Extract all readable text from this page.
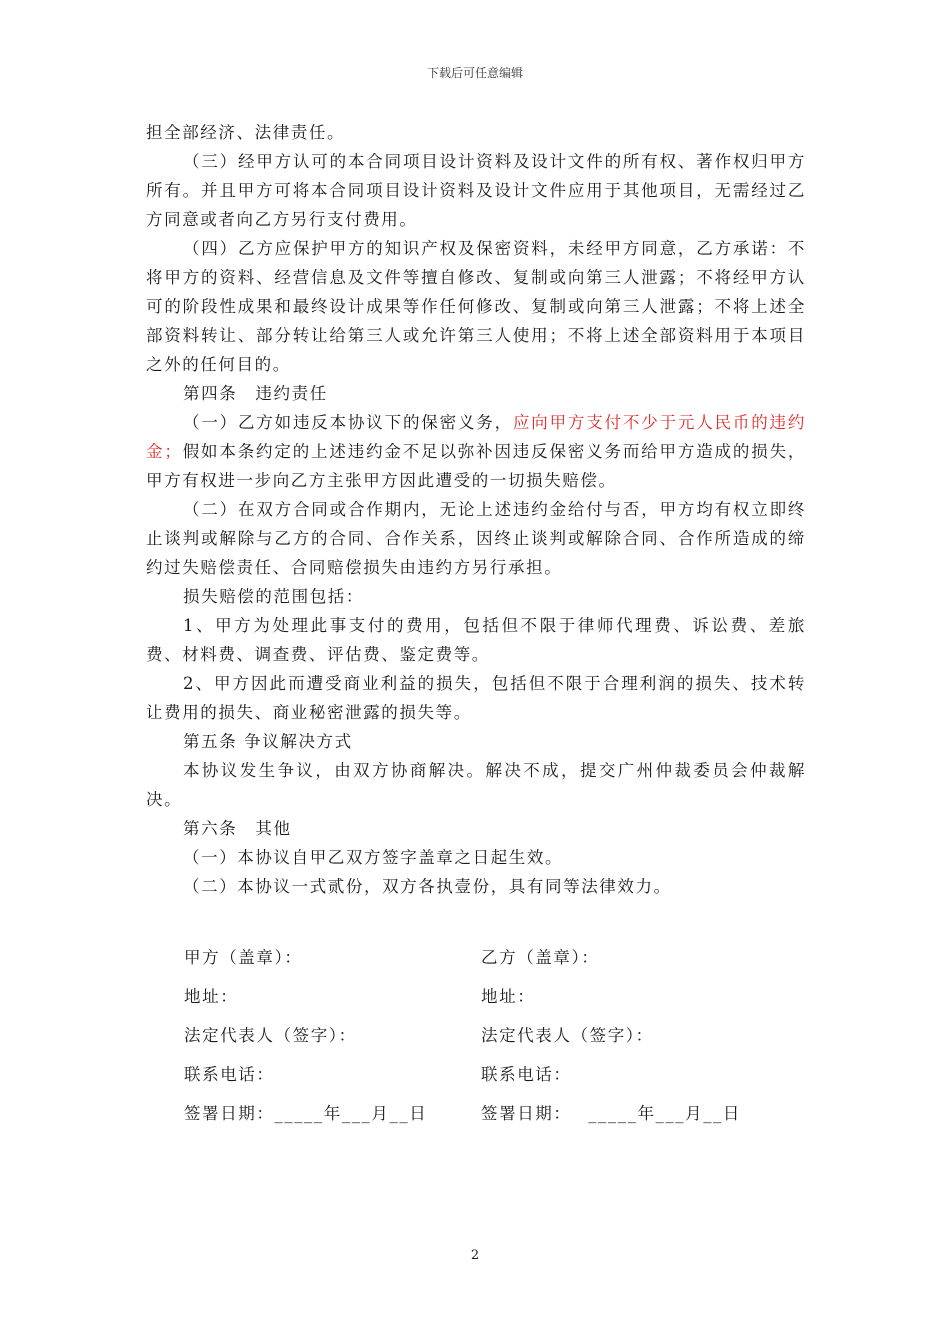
下载后可任意编辑

担全部经济、法律责任。

（三）经甲方认可的本合同项目设计资料及设计文件的所有权、著作权归甲方所有。并且甲方可将本合同项目设计资料及设计文件应用于其他项目，无需经过乙方同意或者向乙方另行支付费用。

（四）乙方应保护甲方的知识产权及保密资料，未经甲方同意，乙方承诺：不将甲方的资料、经营信息及文件等擅自修改、复制或向第三人泄露；不将经甲方认可的阶段性成果和最终设计成果等作任何修改、复制或向第三人泄露；不将上述全部资料转让、部分转让给第三人或允许第三人使用；不将上述全部资料用于本项目之外的任何目的。

第四条　违约责任

（一）乙方如违反本协议下的保密义务，应向甲方支付不少于元人民币的违约金；假如本条约定的上述违约金不足以弥补因违反保密义务而给甲方造成的损失，甲方有权进一步向乙方主张甲方因此遭受的一切损失赔偿。

（二）在双方合同或合作期内，无论上述违约金给付与否，甲方均有权立即终止谈判或解除与乙方的合同、合作关系，因终止谈判或解除合同、合作所造成的缔约过失赔偿责任、合同赔偿损失由违约方另行承担。

损失赔偿的范围包括：

1、甲方为处理此事支付的费用，包括但不限于律师代理费、诉讼费、差旅费、材料费、调查费、评估费、鉴定费等。

2、甲方因此而遭受商业利益的损失，包括但不限于合理利润的损失、技术转让费用的损失、商业秘密泄露的损失等。

第五条 争议解决方式

本协议发生争议，由双方协商解决。解决不成，提交广州仲裁委员会仲裁解决。

第六条　其他

（一）本协议自甲乙双方签字盖章之日起生效。

（二）本协议一式贰份，双方各执壹份，具有同等法律效力。

甲方（盖章）：	乙方（盖章）：
地址：	地址：
法定代表人（签字）：	法定代表人（签字）：
联系电话：	联系电话：
签署日期：_____年___月__日	签署日期：　 _____年___月__日
2
